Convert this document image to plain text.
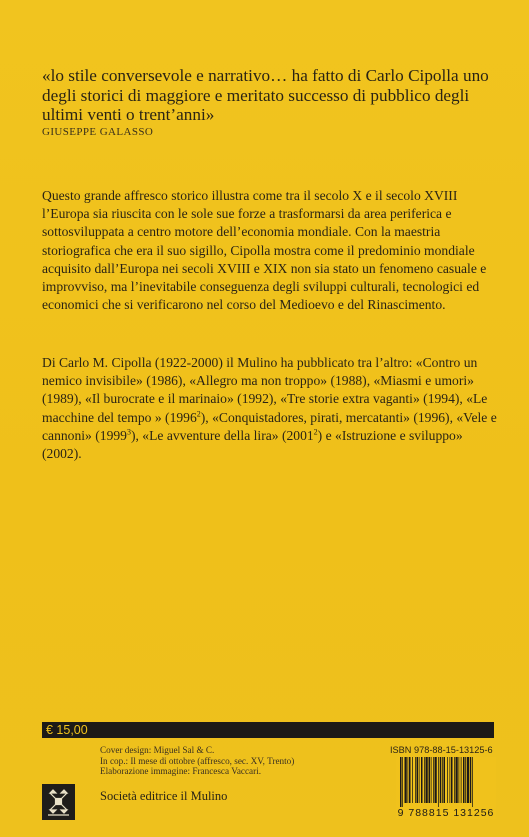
«lo stile conversevole e narrativo… ha fatto di Carlo Cipolla uno degli storici di maggiore e meritato successo di pubblico degli ultimi venti o trent’anni»
GIUSEPPE GALASSO

Questo grande affresco storico illustra come tra il secolo X e il secolo XVIII l’Europa sia riuscita con le sole sue forze a trasformarsi da area periferica e sottosviluppata a centro motore dell’economia mondiale. Con la maestria storiografica che era il suo sigillo, Cipolla mostra come il predominio mondiale acquisito dall’Europa nei secoli XVIII e XIX non sia stato un fenomeno casuale e improvviso, ma l’inevitabile conseguenza degli sviluppi culturali, tecnologici ed economici che si verificarono nel corso del Medioevo e del Rinascimento.

Di Carlo M. Cipolla (1922-2000) il Mulino ha pubblicato tra l’altro: «Contro un nemico invisibile» (1986), «Allegro ma non troppo» (1988), «Miasmi e umori» (1989), «Il burocrate e il marinaio» (1992), «Tre storie extra vaganti» (1994), «Le macchine del tempo » (1996$^2$), «Conquistadores, pirati, mercatanti» (1996), «Vele e cannoni» (1999$^3$), «Le avventure della lira» (2001$^2$) e «Istruzione e sviluppo» (2002).

€ 15,00
Cover design: Miguel Sal & C.
In cop.: Il mese di ottobre (affresco, sec. XV, Trento)
Elaborazione immagine: Francesca Vaccari.
ISBN 978-88-15-13125-6
9 788815 131256
Società editrice il Mulino
